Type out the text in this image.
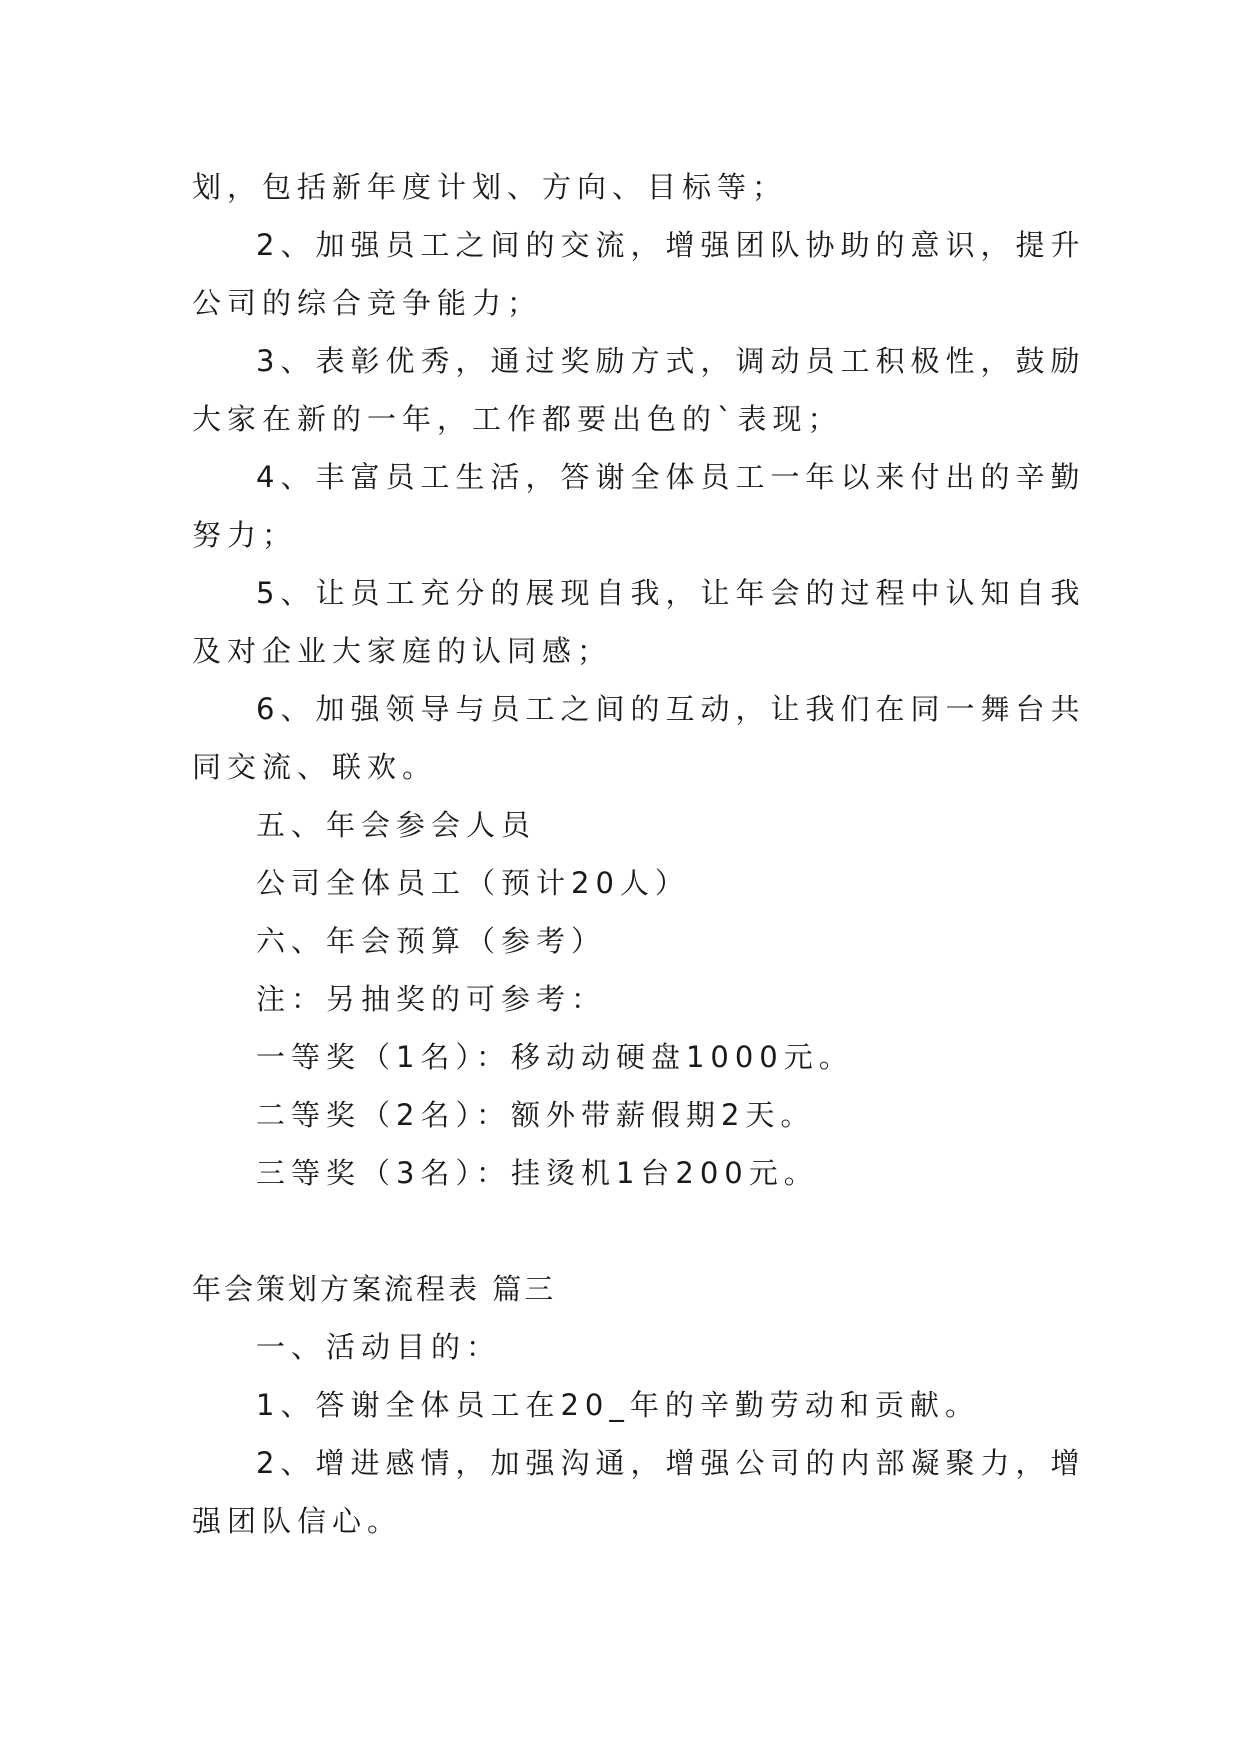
划，包括新年度计划、方向、目标等；
2、加强员工之间的交流，增强团队协助的意识，提升
公司的综合竞争能力；
3、表彰优秀，通过奖励方式，调动员工积极性，鼓励
大家在新的一年，工作都要出色的`表现；
4、丰富员工生活，答谢全体员工一年以来付出的辛勤
努力；
5、让员工充分的展现自我，让年会的过程中认知自我
及对企业大家庭的认同感；
6、加强领导与员工之间的互动，让我们在同一舞台共
同交流、联欢。
五、年会参会人员
公司全体员工（预计20人）
六、年会预算（参考）
注：另抽奖的可参考：
一等奖（1名）：移动动硬盘1000元。
二等奖（2名）：额外带薪假期2天。
三等奖（3名）：挂烫机1台200元。
年会策划方案流程表 篇三
一、活动目的：
1、答谢全体员工在20_年的辛勤劳动和贡献。
2、增进感情，加强沟通，增强公司的内部凝聚力，增
强团队信心。
